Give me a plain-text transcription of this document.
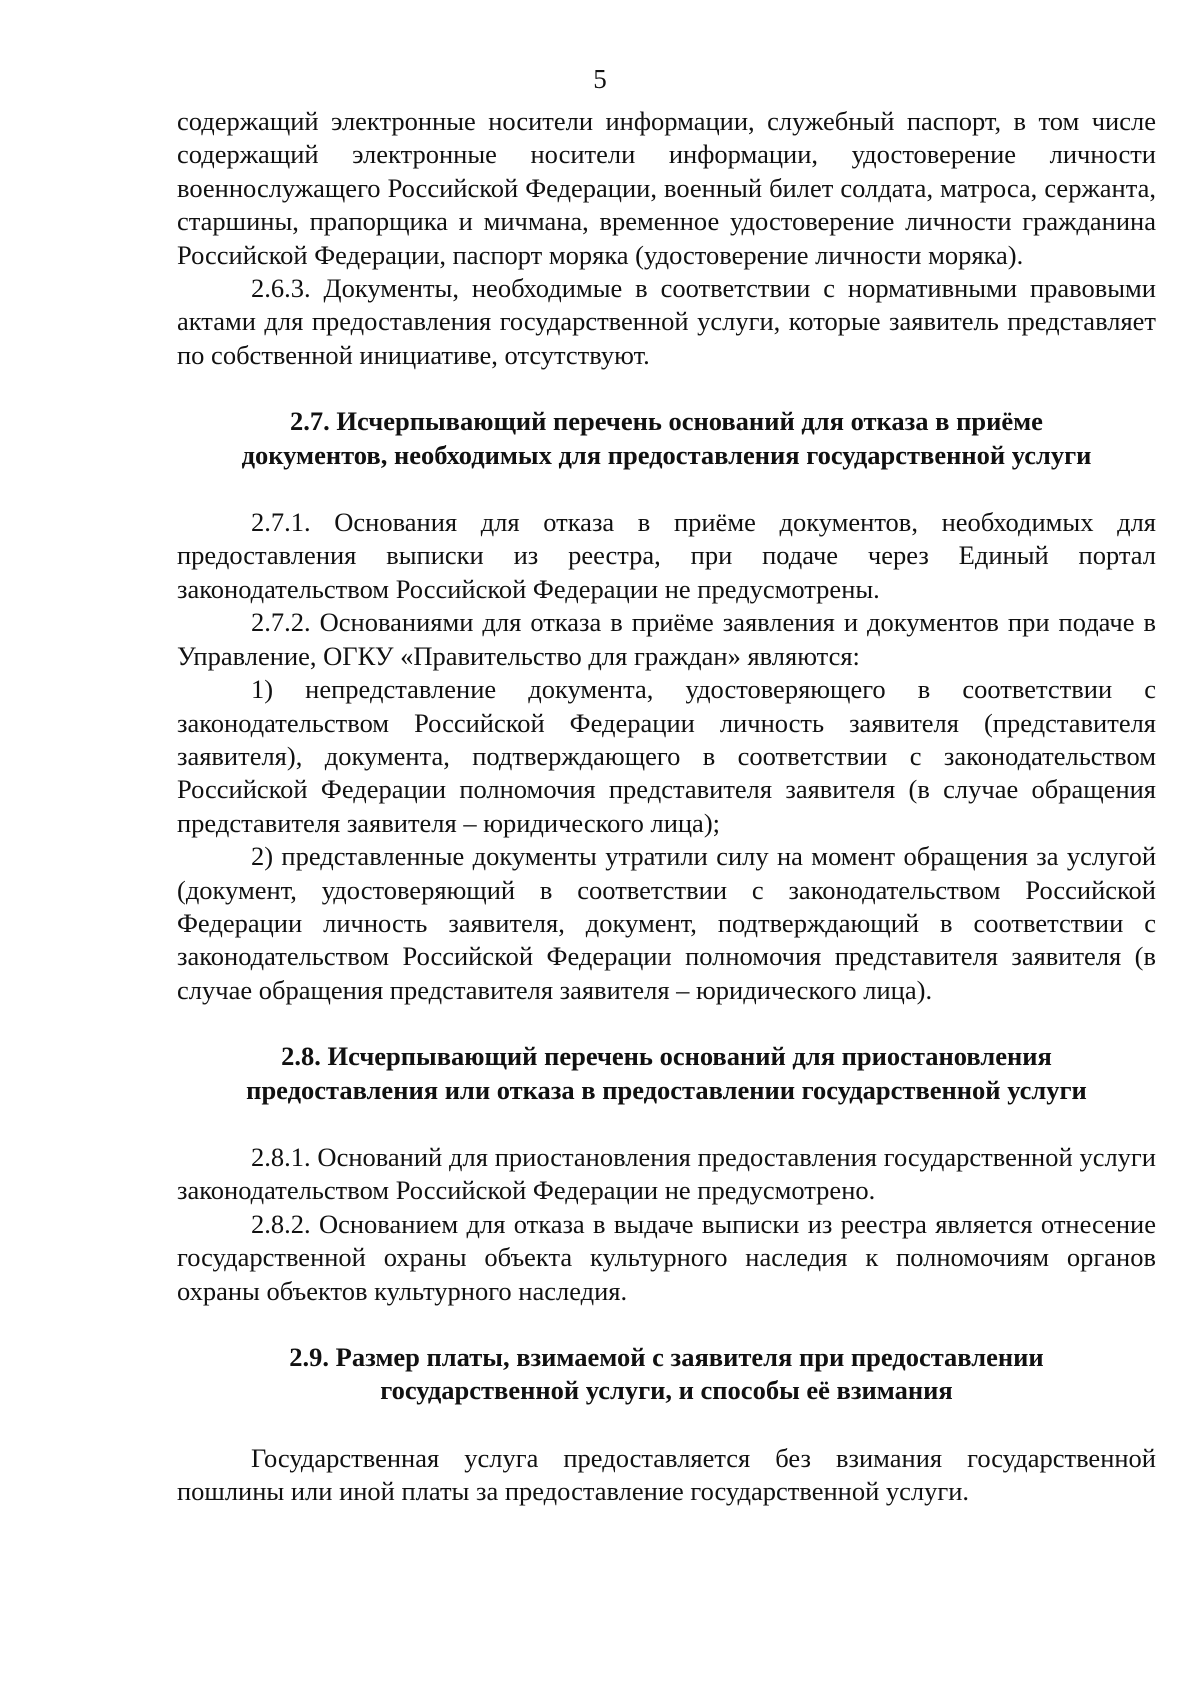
5

содержащий электронные носители информации, служебный паспорт, в том числе содержащий электронные носители информации, удостоверение личности военнослужащего Российской Федерации, военный билет солдата, матроса, сержанта, старшины, прапорщика и мичмана, временное удостоверение личности гражданина Российской Федерации, паспорт моряка (удостоверение личности моряка).

2.6.3. Документы, необходимые в соответствии с нормативными правовыми актами для предоставления государственной услуги, которые заявитель представляет по собственной инициативе, отсутствуют.

2.7. Исчерпывающий перечень оснований для отказа в приёме
документов, необходимых для предоставления государственной услуги

2.7.1. Основания для отказа в приёме документов, необходимых для предоставления выписки из реестра, при подаче через Единый портал законодательством Российской Федерации не предусмотрены.

2.7.2. Основаниями для отказа в приёме заявления и документов при подаче в Управление, ОГКУ «Правительство для граждан» являются:

1) непредставление документа, удостоверяющего в соответствии с законодательством Российской Федерации личность заявителя (представителя заявителя), документа, подтверждающего в соответствии с законодательством Российской Федерации полномочия представителя заявителя (в случае обращения представителя заявителя – юридического лица);

2) представленные документы утратили силу на момент обращения за услугой (документ, удостоверяющий в соответствии с законодательством Российской Федерации личность заявителя, документ, подтверждающий в соответствии с законодательством Российской Федерации полномочия представителя заявителя (в случае обращения представителя заявителя – юридического лица).

2.8. Исчерпывающий перечень оснований для приостановления
предоставления или отказа в предоставлении государственной услуги

2.8.1. Оснований для приостановления предоставления государственной услуги законодательством Российской Федерации не предусмотрено.

2.8.2. Основанием для отказа в выдаче выписки из реестра является отнесение государственной охраны объекта культурного наследия к полномочиям органов охраны объектов культурного наследия.

2.9. Размер платы, взимаемой с заявителя при предоставлении
государственной услуги, и способы её взимания

Государственная услуга предоставляется без взимания государственной пошлины или иной платы за предоставление государственной услуги.
